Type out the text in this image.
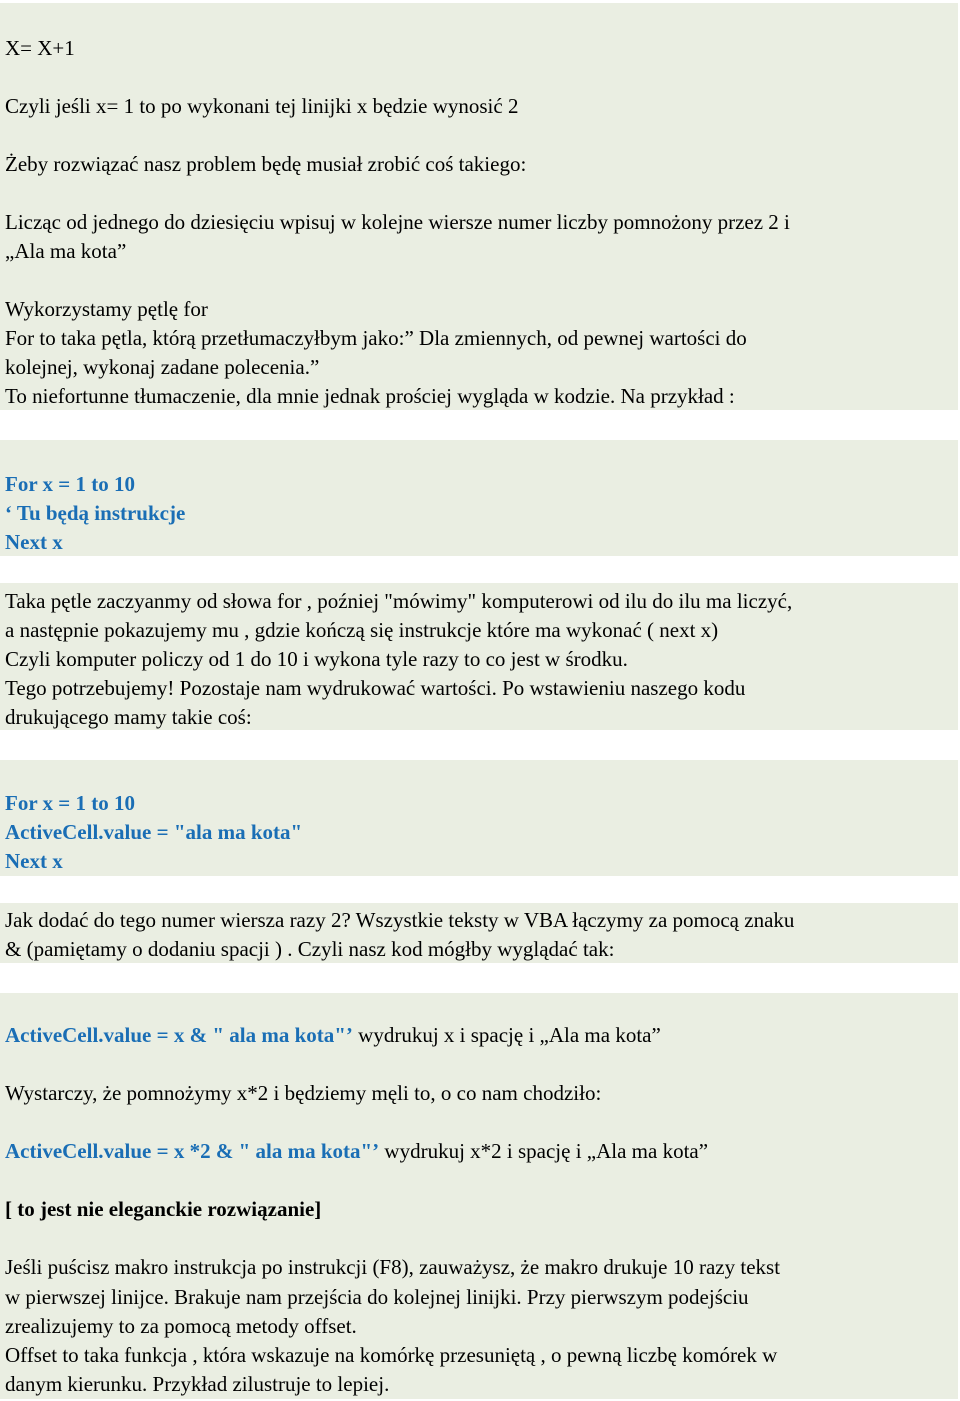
X= X+1
Czyli jeśli x= 1 to po wykonani tej linijki x będzie wynosić 2
Żeby rozwiązać nasz problem będę musiał zrobić coś takiego:
Licząc od jednego do dziesięciu wpisuj w kolejne wiersze numer liczby pomnożony przez 2 i
„Ala ma kota”
Wykorzystamy pętlę for
For to taka pętla, którą przetłumaczyłbym jako:” Dla zmiennych, od pewnej wartości do
kolejnej, wykonaj zadane polecenia.”
To niefortunne tłumaczenie, dla mnie jednak prościej wygląda w kodzie. Na przykład :
For x = 1 to 10
‘ Tu będą instrukcje
Next x
Taka pętle zaczyanmy od słowa for , poźniej "mówimy" komputerowi od ilu do ilu ma liczyć,
a następnie pokazujemy mu , gdzie kończą się instrukcje które ma wykonać ( next x)
Czyli komputer policzy od 1 do 10 i wykona tyle razy to co jest w środku.
Tego potrzebujemy! Pozostaje nam wydrukować wartości. Po wstawieniu naszego kodu
drukującego mamy takie coś:
For x = 1 to 10
ActiveCell.value = "ala ma kota"
Next x
Jak dodać do tego numer wiersza razy 2? Wszystkie teksty w VBA łączymy za pomocą znaku
& (pamiętamy o dodaniu spacji ) . Czyli nasz kod mógłby wyglądać tak:
ActiveCell.value = x & " ala ma kota"’ wydrukuj x i spację i „Ala ma kota”
Wystarczy, że pomnożymy x*2 i będziemy męli to, o co nam chodziło:
ActiveCell.value = x *2 & " ala ma kota"’ wydrukuj x*2 i spację i „Ala ma kota”
[ to jest nie eleganckie rozwiązanie]
Jeśli puścisz makro instrukcja po instrukcji (F8), zauważysz, że makro drukuje 10 razy tekst
w pierwszej linijce. Brakuje nam przejścia do kolejnej linijki. Przy pierwszym podejściu
zrealizujemy to za pomocą metody offset.
Offset to taka funkcja , która wskazuje na komórkę przesuniętą , o pewną liczbę komórek w
danym kierunku. Przykład zilustruje to lepiej.
